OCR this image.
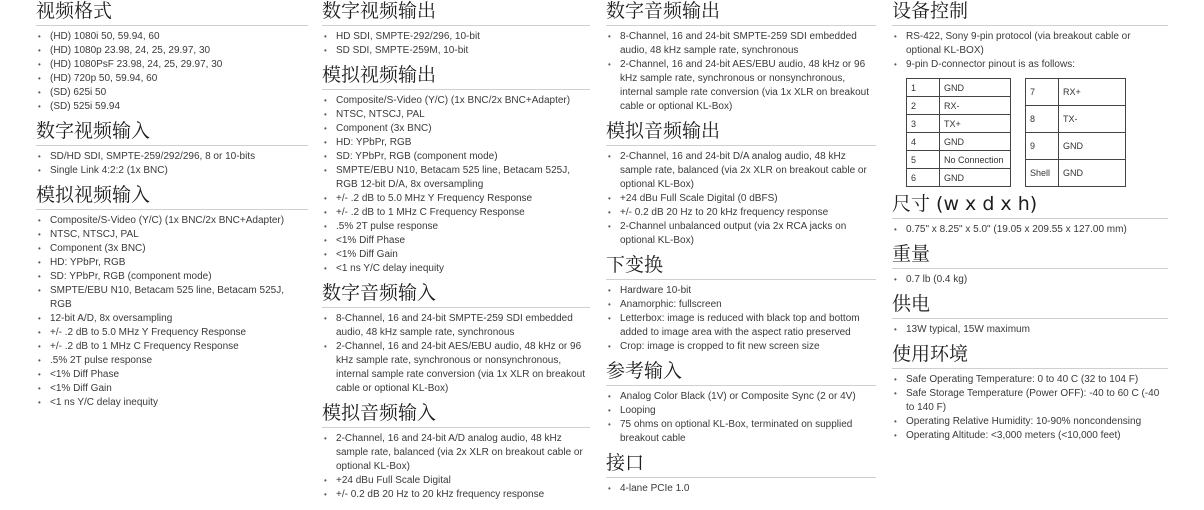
视频格式
• (HD) 1080i 50, 59.94, 60
• (HD) 1080p 23.98, 24, 25, 29.97, 30
• (HD) 1080PsF 23.98, 24, 25, 29.97, 30
• (HD) 720p 50, 59.94, 60
• (SD) 625i 50
• (SD) 525i 59.94
数字视频输入
• SD/HD SDI, SMPTE-259/292/296, 8 or 10-bits
• Single Link 4:2:2 (1x BNC)
模拟视频输入
• Composite/S-Video (Y/C) (1x BNC/2x BNC+Adapter)
• NTSC, NTSCJ, PAL
• Component (3x BNC)
• HD: YPbPr, RGB
• SD: YPbPr, RGB (component mode)
• SMPTE/EBU N10, Betacam 525 line, Betacam 525J, RGB
• 12-bit A/D, 8x oversampling
• +/- .2 dB to 5.0 MHz Y Frequency Response
• +/- .2 dB to 1 MHz C Frequency Response
• .5% 2T pulse response
• <1% Diff Phase
• <1% Diff Gain
• <1 ns Y/C delay inequity
数字视频输出
• HD SDI, SMPTE-292/296, 10-bit
• SD SDI, SMPTE-259M, 10-bit
模拟视频输出
• Composite/S-Video (Y/C) (1x BNC/2x BNC+Adapter)
• NTSC, NTSCJ, PAL
• Component (3x BNC)
• HD: YPbPr, RGB
• SD: YPbPr, RGB (component mode)
• SMPTE/EBU N10, Betacam 525 line, Betacam 525J, RGB 12-bit D/A, 8x oversampling
• +/- .2 dB to 5.0 MHz Y Frequency Response
• +/- .2 dB to 1 MHz C Frequency Response
• .5% 2T pulse response
• <1% Diff Phase
• <1% Diff Gain
• <1 ns Y/C delay inequity
数字音频输入
• 8-Channel, 16 and 24-bit SMPTE-259 SDI embedded audio, 48 kHz sample rate, synchronous
• 2-Channel, 16 and 24-bit AES/EBU audio, 48 kHz or 96 kHz sample rate, synchronous or nonsynchronous, internal sample rate conversion (via 1x XLR on breakout cable or optional KL-Box)
模拟音频输入
• 2-Channel, 16 and 24-bit A/D analog audio, 48 kHz sample rate, balanced (via 2x XLR on breakout cable or optional KL-Box)
• +24 dBu Full Scale Digital
• +/- 0.2 dB 20 Hz to 20 kHz frequency response
数字音频输出
• 8-Channel, 16 and 24-bit SMPTE-259 SDI embedded audio, 48 kHz sample rate, synchronous
• 2-Channel, 16 and 24-bit AES/EBU audio, 48 kHz or 96 kHz sample rate, synchronous or nonsynchronous, internal sample rate conversion (via 1x XLR on breakout cable or optional KL-Box)
模拟音频输出
• 2-Channel, 16 and 24-bit D/A analog audio, 48 kHz sample rate, balanced (via 2x XLR on breakout cable or optional KL-Box)
• +24 dBu Full Scale Digital (0 dBFS)
• +/- 0.2 dB 20 Hz to 20 kHz frequency response
• 2-Channel unbalanced output (via 2x RCA jacks on optional KL-Box)
下变换
• Hardware 10-bit
• Anamorphic: fullscreen
• Letterbox: image is reduced with black top and bottom added to image area with the aspect ratio preserved
• Crop: image is cropped to fit new screen size
参考输入
• Analog Color Black (1V) or Composite Sync (2 or 4V)
• Looping
• 75 ohms on optional KL-Box, terminated on supplied breakout cable
接口
• 4-lane PCIe 1.0
设备控制
• RS-422, Sony 9-pin protocol (via breakout cable or optional KL-BOX)
• 9-pin D-connector pinout is as follows:
1	GND
2	RX-
3	TX+
4	GND
5	No Connection
6	GND
7	RX+
8	TX-
9	GND
Shell	GND
尺寸 (w x d x h)
• 0.75" x 8.25" x 5.0" (19.05 x 209.55 x 127.00 mm)
重量
• 0.7 lb (0.4 kg)
供电
• 13W typical, 15W maximum
使用环境
• Safe Operating Temperature: 0 to 40 C (32 to 104 F)
• Safe Storage Temperature (Power OFF): -40 to 60 C (-40 to 140 F)
• Operating Relative Humidity: 10-90% noncondensing
• Operating Altitude: <3,000 meters (<10,000 feet)
